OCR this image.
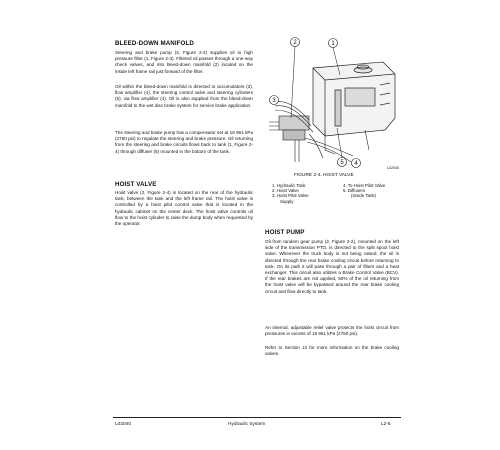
BLEED-DOWN MANIFOLD

Steering and brake pump (3, Figure 2-2) supplies oil to high pressure filter (1, Figure 2-3). Filtered oil passes through a one-way check valves, and into bleed-down manifold (2) located on the inside left frame rail just forward of the filter.

Oil within the bleed-down manifold is directed to accumulators (3), flow amplifier (4), the steering control valve and steering cylinders (6), via flow amplifier (4). Oil is also supplied from the bleed-down manifold to the wet disc brake system for service brake application.

The steering and brake pump has a compensator set at 18 961 kPa (2750 psi) to regulate the steering and brake pressure. Oil returning from the steering and brake circuits flows back to tank (1, Figure 2-4) through diffuser (5) mounted in the bottom of the tank.

HOIST VALVE

Hoist valve (2, Figure 2-4) is located on the rear of the hydraulic tank, between the tank and the left frame rail. The hoist valve is controlled by a hoist pilot control valve that is located in the hydraulic cabinet on the center deck. The hoist valve controls oil flow to the hoist cylinder to raise the dump body when requested by the operator.

2	1
3
5 4
L02040
FIGURE 2-4. HOIST VALVE
1. Hydraulic Tank
2. Hoist Valve
3. Hoist Pilot Valve
Supply
4. To Hoist Pilot Valve
5. Diffusers
(Inside Tank)
HOIST PUMP

Oil from tandem gear pump (2, Figure 2-2), mounted on the left side of the transmission PTO, is directed to the split spool hoist valve. Whenever the truck body is not being raised, the oil is directed through the rear brake cooling circuit before returning to tank. On its path it will pass through a pair of filters and a heat exchanger. This circuit also utilizes a Brake Control Valve (BCV). If the rear brakes are not applied, 50% of the oil returning from the hoist valve will be bypassed around the rear brake cooling circuit and flow directly to tank.

An internal, adjustable relief valve protects the hoist circuit from pressures in excess of 18 961 kPa (2750 psi).

Refer to Section J2 for more information on the brake cooling valves.

L02040	Hydraulic System	L2-5
